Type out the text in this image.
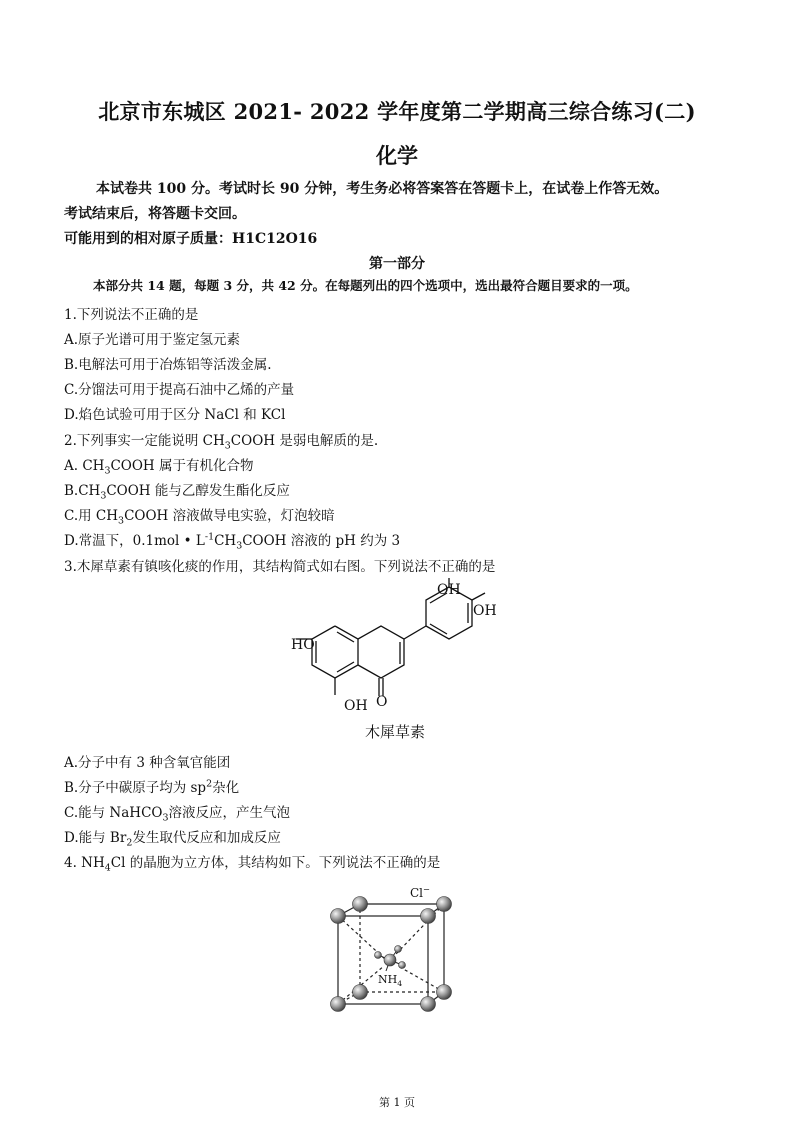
北京市东城区 2021- 2022 学年度第二学期高三综合练习(二)
化学
本试卷共 100 分。考试时长 90 分钟，考生务必将答案答在答题卡上，在试卷上作答无效。
考试结束后，将答题卡交回。
可能用到的相对原子质量：H1C12O16
第一部分
本部分共 14 题，每题 3 分，共 42 分。在每题列出的四个选项中，选出最符合题目要求的一项。
1.下列说法不正确的是
A.原子光谱可用于鉴定氢元素
B.电解法可用于冶炼铝等活泼金属.
C.分馏法可用于提高石油中乙烯的产量
D.焰色试验可用于区分 NaCl 和 KCl
2.下列事实一定能说明 $CH_3COOH$ 是弱电解质的是.
A. $CH_3COOH$ 属于有机化合物
$B.CH_3COOH$ 能与乙醇发生酯化反应
C.用 $CH_3COOH$ 溶液做导电实验，灯泡较暗
D.常温下，0.1mol • $L^{-1}CH_3COOH$ 溶液的 pH 约为 3
3.木犀草素有镇咳化痰的作用，其结构简式如右图。下列说法不正确的是
OH
OH
HO
O
OH
木犀草素
A.分子中有 3 种含氧官能团
B.分子中碳原子均为 $sp^2$杂化
C.能与 NaHCO$_3$溶液反应，产生气泡
D.能与 $Br_2$发生取代反应和加成反应
4. $NH_4Cl$ 的晶胞为立方体，其结构如下。下列说法不正确的是
Cl−
$NH_4$
第 1 页
